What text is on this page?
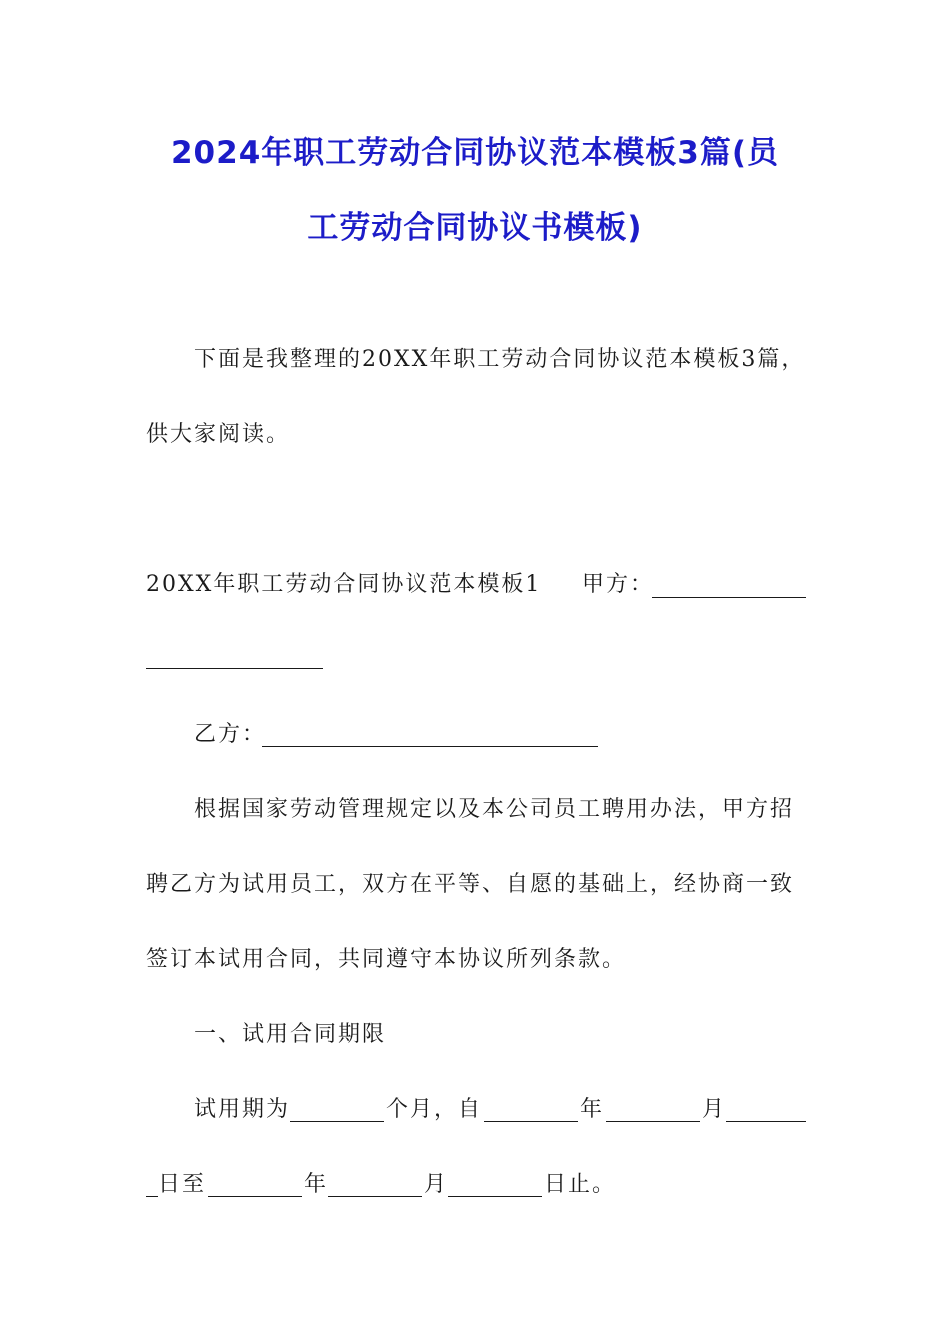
2024年职工劳动合同协议范本模板3篇(员
工劳动合同协议书模板)
下面是我整理的20XX年职工劳动合同协议范本模板3篇，
供大家阅读。
20XX年职工劳动合同协议范本模板1 甲方：
乙方：
根据国家劳动管理规定以及本公司员工聘用办法，甲方招
聘乙方为试用员工，双方在平等、自愿的基础上，经协商一致
签订本试用合同，共同遵守本协议所列条款。
一、试用合同期限
试用期为	个月，自	年	月
日至	年	月	日止。
